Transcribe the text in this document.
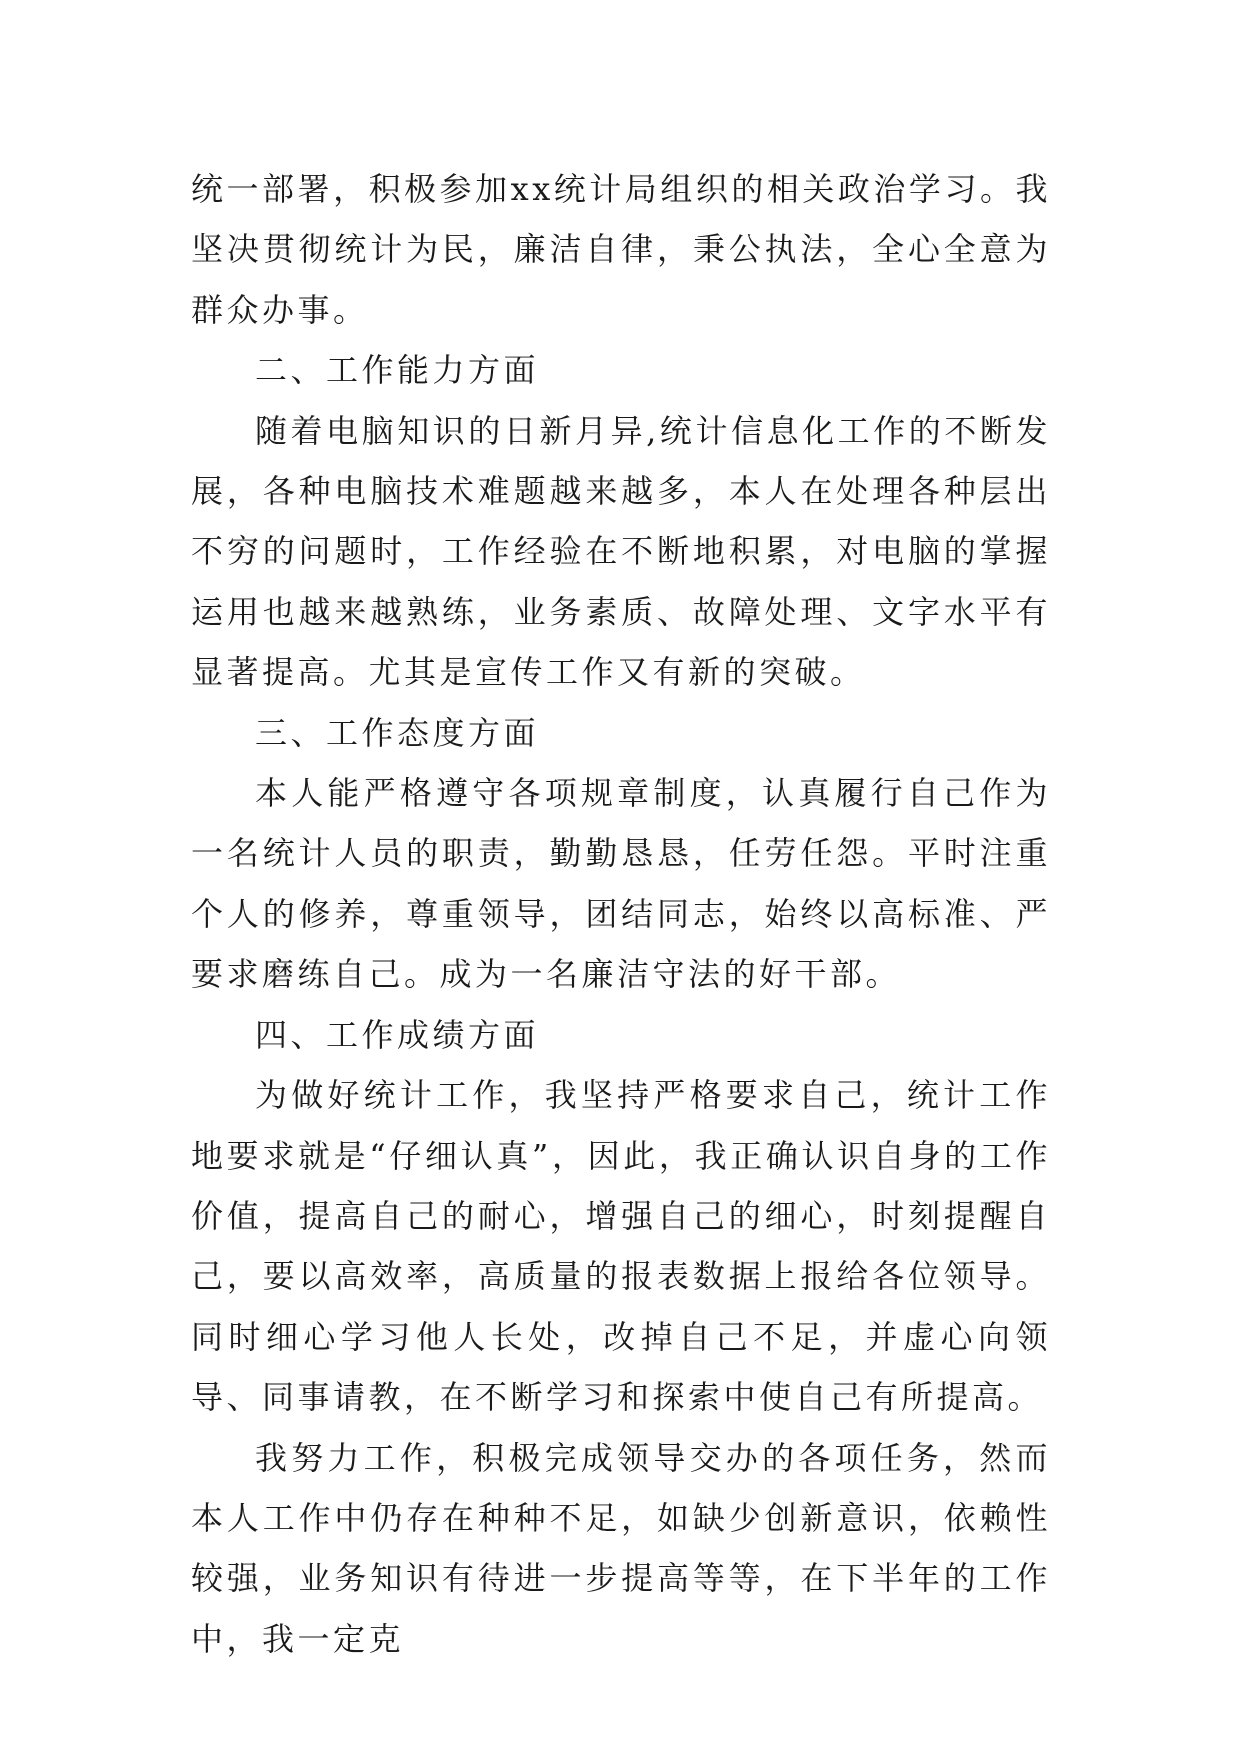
统一部署，积极参加xx统计局组织的相关政治学习。我坚决贯彻统计为民，廉洁自律，秉公执法，全心全意为群众办事。

二、工作能力方面

随着电脑知识的日新月异,统计信息化工作的不断发展，各种电脑技术难题越来越多，本人在处理各种层出不穷的问题时，工作经验在不断地积累，对电脑的掌握运用也越来越熟练，业务素质、故障处理、文字水平有显著提高。尤其是宣传工作又有新的突破。

三、工作态度方面

本人能严格遵守各项规章制度，认真履行自己作为一名统计人员的职责，勤勤恳恳，任劳任怨。平时注重个人的修养，尊重领导，团结同志，始终以高标准、严要求磨练自己。成为一名廉洁守法的好干部。

四、工作成绩方面

为做好统计工作，我坚持严格要求自己，统计工作地要求就是“仔细认真”，因此，我正确认识自身的工作价值，提高自己的耐心，增强自己的细心，时刻提醒自己，要以高效率，高质量的报表数据上报给各位领导。同时细心学习他人长处，改掉自己不足，并虚心向领导、同事请教，在不断学习和探索中使自己有所提高。

我努力工作，积极完成领导交办的各项任务，然而本人工作中仍存在种种不足，如缺少创新意识，依赖性较强，业务知识有待进一步提高等等，在下半年的工作中，我一定克
